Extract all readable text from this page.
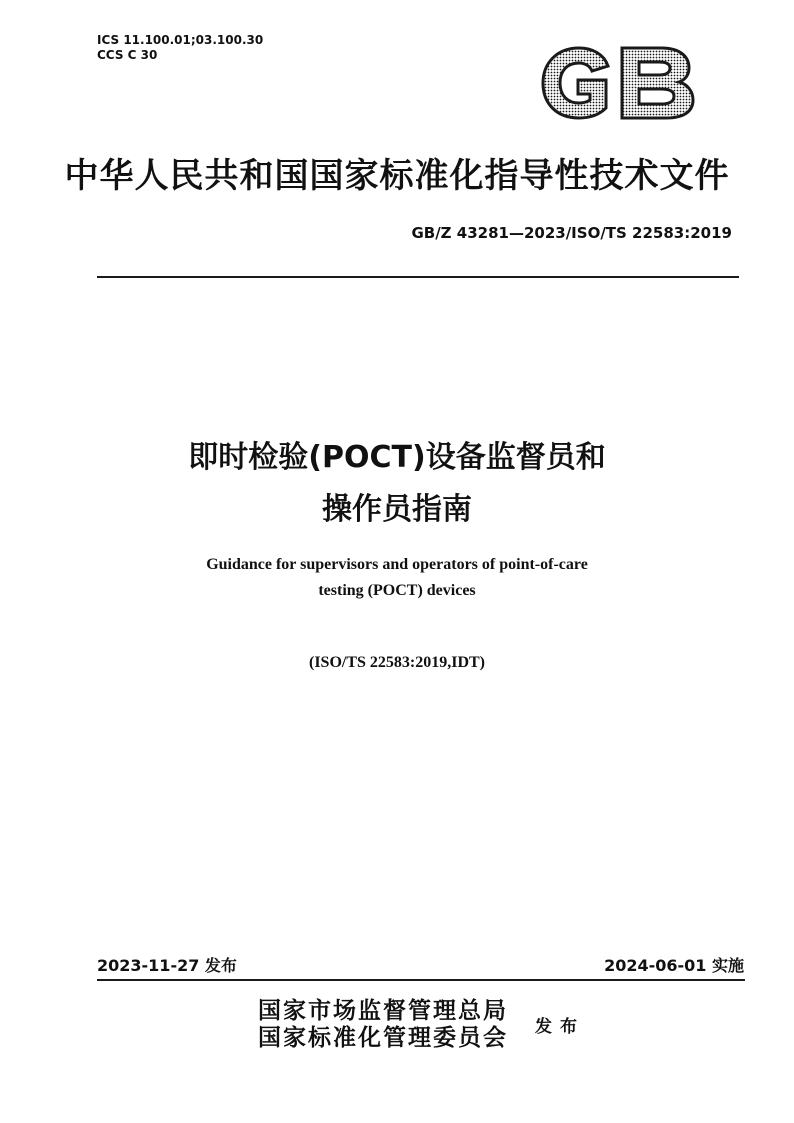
ICS 11.100.01;03.100.30
CCS C 30
中华人民共和国国家标准化指导性技术文件
GB/Z 43281—2023/ISO/TS 22583:2019
即时检验(POCT)设备监督员和
操作员指南
Guidance for supervisors and operators of point-of-care
testing (POCT) devices
(ISO/TS 22583:2019,IDT)
2023-11-27 发布	2024-06-01 实施
国家市场监督管理总局
国家标准化管理委员会 发布
